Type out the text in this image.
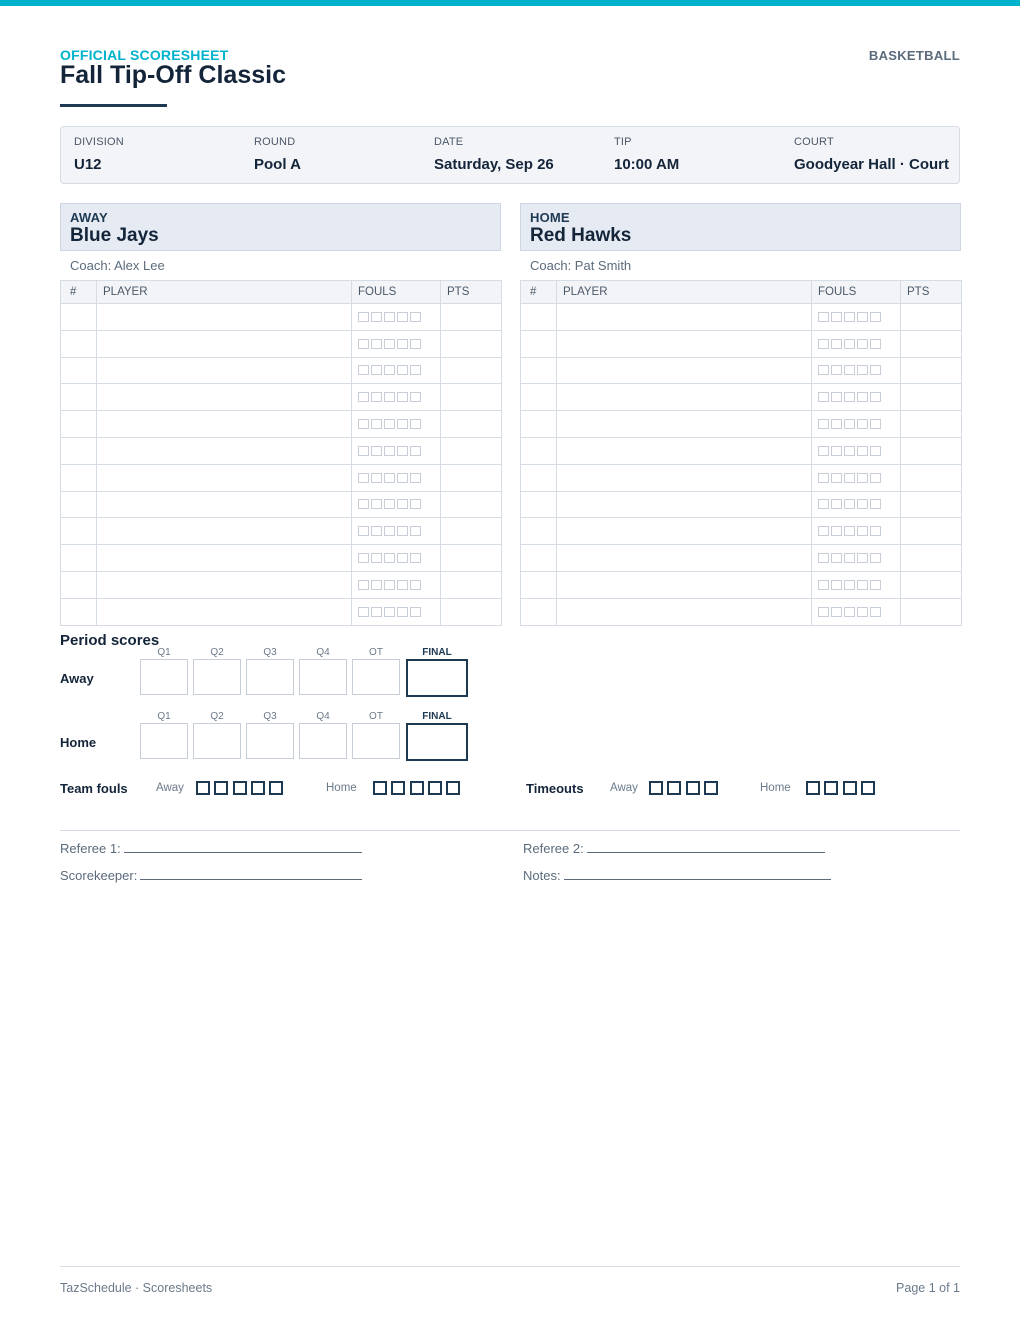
OFFICIAL SCORESHEET
Fall Tip-Off Classic
BASKETBALL
DIVISION
U12
ROUND
Pool A
DATE
Saturday, Sep 26
TIP
10:00 AM
COURT
Goodyear Hall · Court
AWAY
Blue Jays
Coach: Alex Lee
#	PLAYER	FOULS	PTS

HOME
Red Hawks
Coach: Pat Smith
#	PLAYER	FOULS	PTS

Period scores
Away
Q1	Q2	Q3	Q4	OT	FINAL
Home
Q1	Q2	Q3	Q4	OT	FINAL
Team fouls Away	Home	Timeouts Away	Home
Referee 1:	Referee 2:
Scorekeeper:	Notes:
TazSchedule · Scoresheets	Page 1 of 1
